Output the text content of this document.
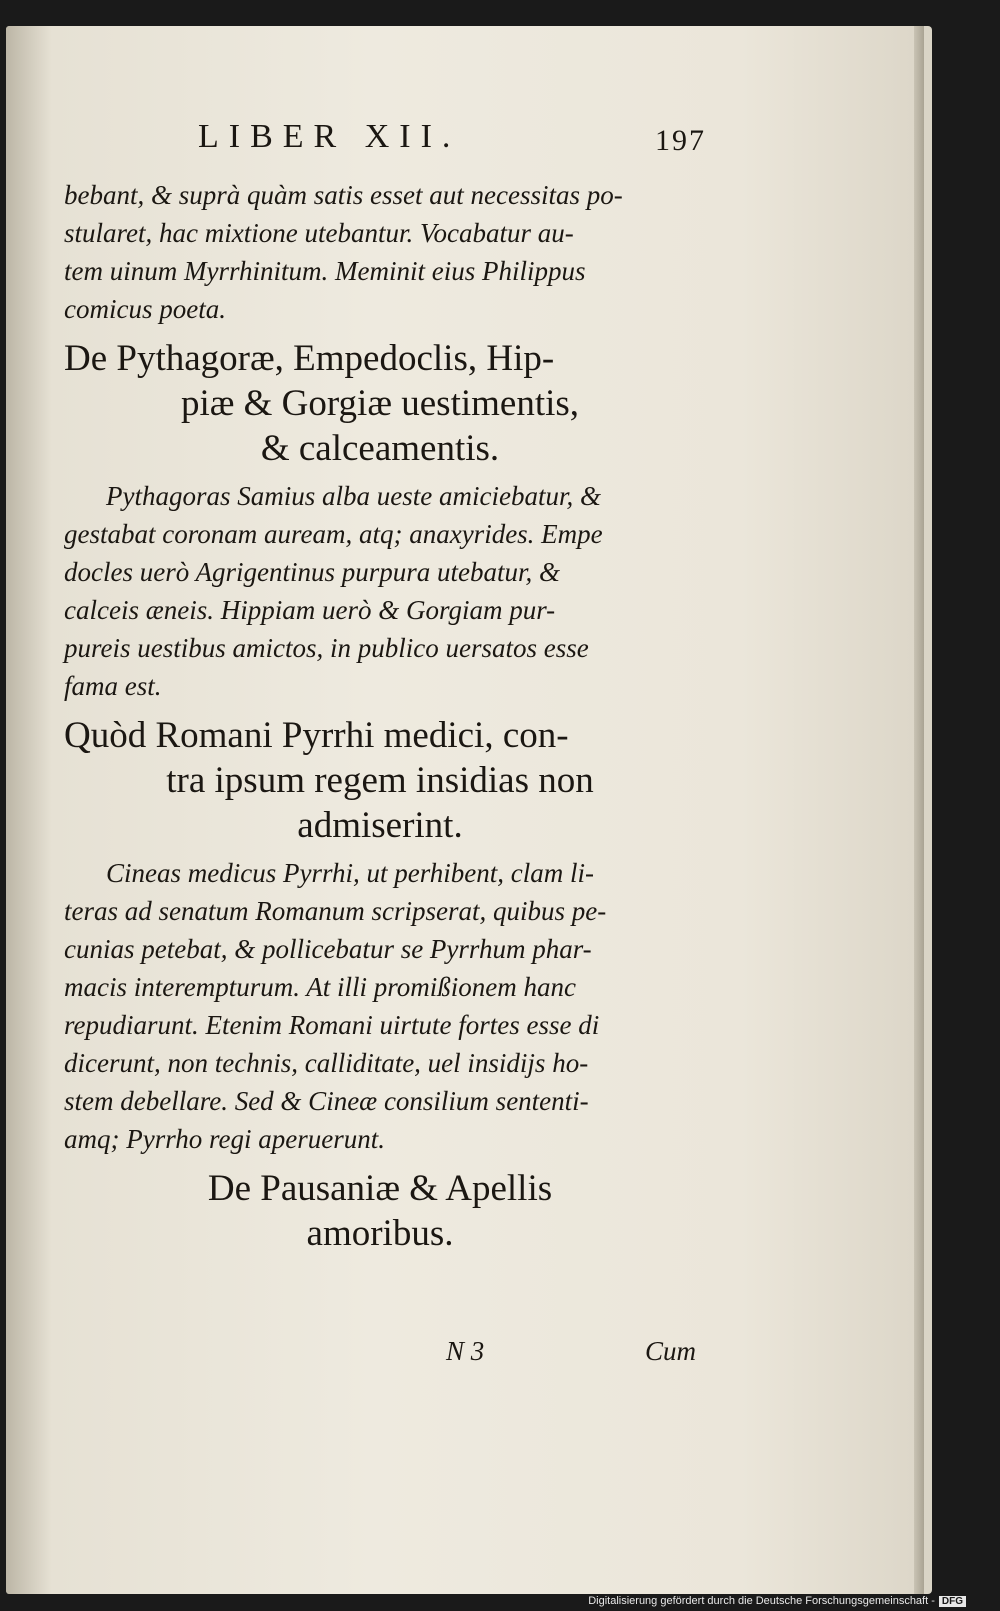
LIBER XII.	197

bebant, & suprà quàm satis esset aut necessitas po-
stularet, hac mixtione utebantur. Vocabatur au-
tem uinum Myrrhinitum. Meminit eius Philippus
comicus poeta.

De Pythagoræ, Empedoclis, Hip-
piæ & Gorgiæ uestimentis,
& calceamentis.

Pythagoras Samius alba ueste amiciebatur, &
gestabat coronam auream, atq; anaxyrides. Empe
docles uerò Agrigentinus purpura utebatur, &
calceis æneis. Hippiam uerò & Gorgiam pur-
pureis uestibus amictos, in publico uersatos esse
fama est.

Quòd Romani Pyrrhi medici, con-
tra ipsum regem insidias non
admiserint.

Cineas medicus Pyrrhi, ut perhibent, clam li-
teras ad senatum Romanum scripserat, quibus pe-
cunias petebat, & pollicebatur se Pyrrhum phar-
macis interempturum. At illi promißionem hanc
repudiarunt. Etenim Romani uirtute fortes esse di
dicerunt, non technis, calliditate, uel insidijs ho-
stem debellare. Sed & Cineæ consilium sententi-
amq; Pyrrho regi aperuerunt.

De Pausaniæ & Apellis
amoribus.
N 3	Cum
Digitalisierung gefördert durch die Deutsche Forschungsgemeinschaft - DFG
